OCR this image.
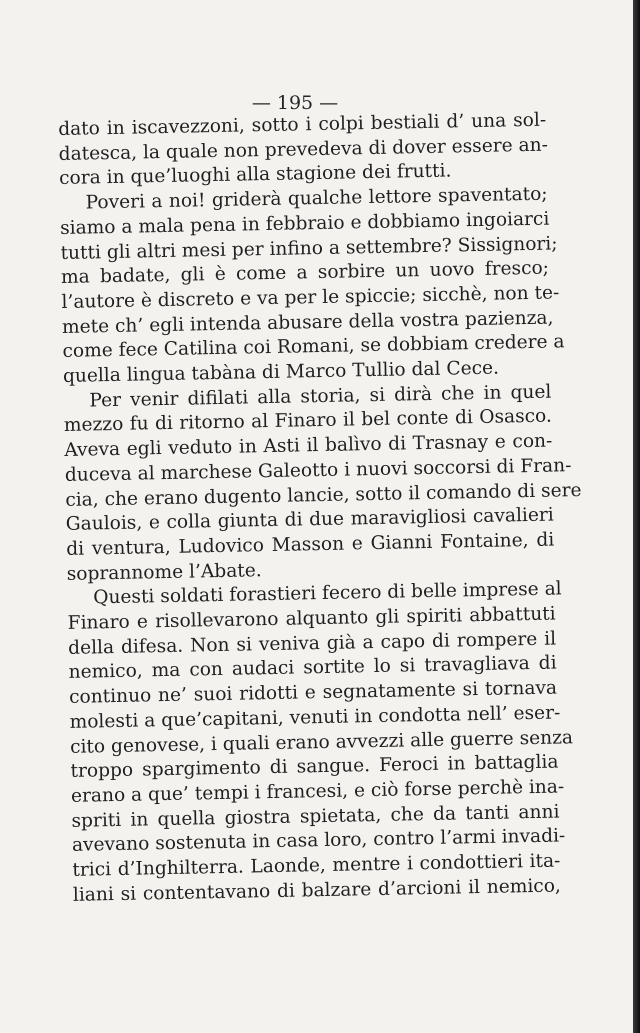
— 195 —
dato in iscavezzoni, sotto i colpi bestiali d’ una sol-
datesca, la quale non prevedeva di dover essere an-
cora in que’luoghi alla stagione dei frutti.
Poveri a noi! griderà qualche lettore spaventato;
siamo a mala pena in febbraio e dobbiamo ingoiarci
tutti gli altri mesi per infino a settembre? Sissignori;
ma badate, gli è come a sorbire un uovo fresco;
l’autore è discreto e va per le spiccie; sicchè, non te-
mete ch’ egli intenda abusare della vostra pazienza,
come fece Catilina coi Romani, se dobbiam credere a
quella lingua tabàna di Marco Tullio dal Cece.
Per venir difilati alla storia, si dirà che in quel
mezzo fu di ritorno al Finaro il bel conte di Osasco.
Aveva egli veduto in Asti il balìvo di Trasnay e con-
duceva al marchese Galeotto i nuovi soccorsi di Fran-
cia, che erano dugento lancie, sotto il comando di sere
Gaulois, e colla giunta di due maravigliosi cavalieri
di ventura, Ludovico Masson e Gianni Fontaine, di
soprannome l’Abate.
Questi soldati forastieri fecero di belle imprese al
Finaro e risollevarono alquanto gli spiriti abbattuti
della difesa. Non si veniva già a capo di rompere il
nemico, ma con audaci sortite lo si travagliava di
continuo ne’ suoi ridotti e segnatamente si tornava
molesti a que’capitani, venuti in condotta nell’ eser-
cito genovese, i quali erano avvezzi alle guerre senza
troppo spargimento di sangue. Feroci in battaglia
erano a que’ tempi i francesi, e ciò forse perchè ina-
spriti in quella giostra spietata, che da tanti anni
avevano sostenuta in casa loro, contro l’armi invadi-
trici d’Inghilterra. Laonde, mentre i condottieri ita-
liani si contentavano di balzare d’arcioni il nemico,
